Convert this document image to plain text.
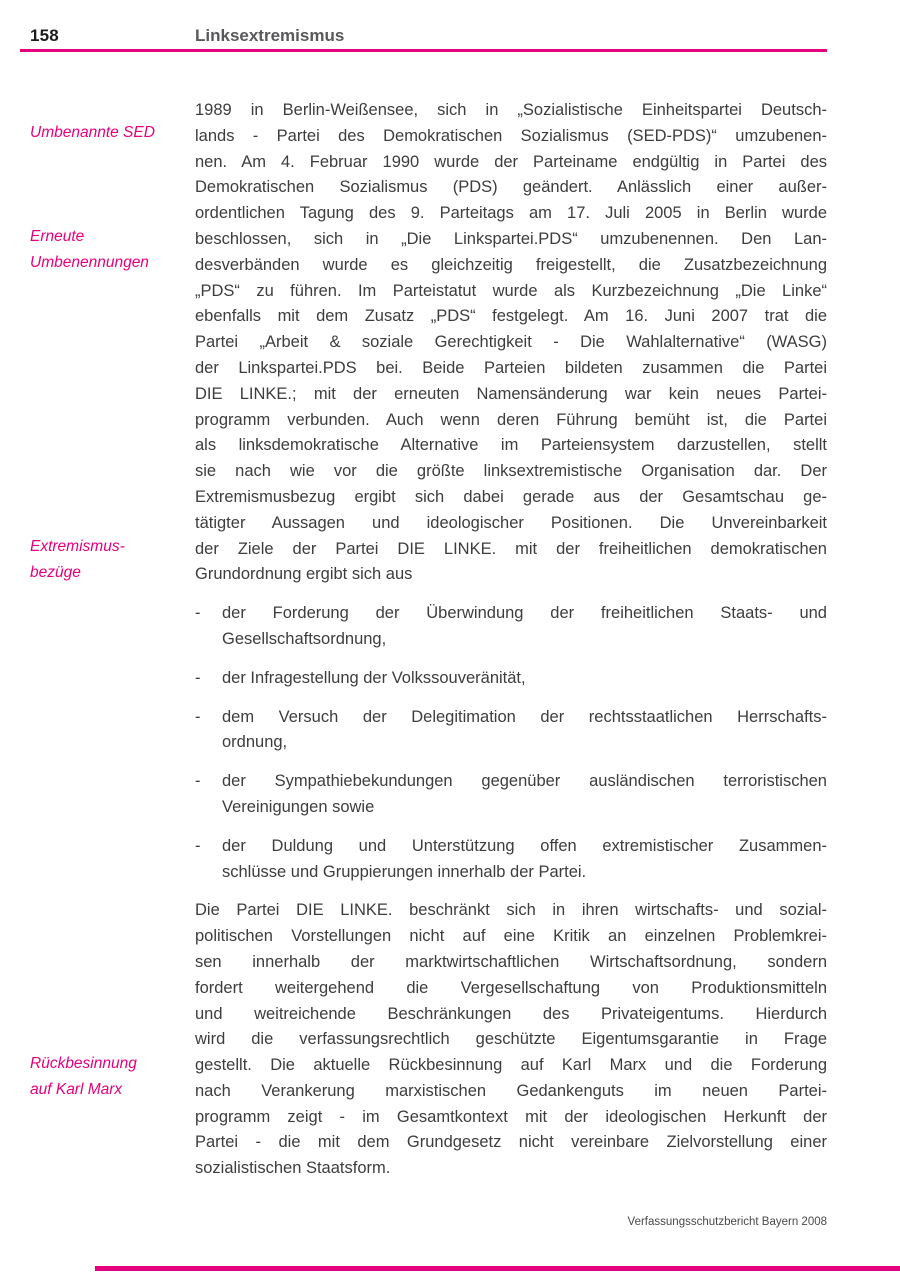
158	Linksextremismus
Umbenannte SED
Erneute
Umbenennungen
Extremismus-
bezüge
Rückbesinnung
auf Karl Marx
1989 in Berlin-Weißensee, sich in „Sozialistische Einheitspartei Deutsch-
lands - Partei des Demokratischen Sozialismus (SED-PDS)“ umzubenen-
nen. Am 4. Februar 1990 wurde der Parteiname endgültig in Partei des
Demokratischen Sozialismus (PDS) geändert. Anlässlich einer außer-
ordentlichen Tagung des 9. Parteitags am 17. Juli 2005 in Berlin wurde
beschlossen, sich in „Die Linkspartei.PDS“ umzubenennen. Den Lan-
desverbänden wurde es gleichzeitig freigestellt, die Zusatzbezeichnung
„PDS“ zu führen. Im Parteistatut wurde als Kurzbezeichnung „Die Linke“
ebenfalls mit dem Zusatz „PDS“ festgelegt. Am 16. Juni 2007 trat die
Partei „Arbeit & soziale Gerechtigkeit - Die Wahlalternative“ (WASG)
der Linkspartei.PDS bei. Beide Parteien bildeten zusammen die Partei
DIE LINKE.; mit der erneuten Namensänderung war kein neues Partei-
programm verbunden. Auch wenn deren Führung bemüht ist, die Partei
als linksdemokratische Alternative im Parteiensystem darzustellen, stellt
sie nach wie vor die größte linksextremistische Organisation dar. Der
Extremismusbezug ergibt sich dabei gerade aus der Gesamtschau ge-
tätigter Aussagen und ideologischer Positionen. Die Unvereinbarkeit
der Ziele der Partei DIE LINKE. mit der freiheitlichen demokratischen
Grundordnung ergibt sich aus
-	der Forderung der Überwindung der freiheitlichen Staats- und
Gesellschaftsordnung,
-	der Infragestellung der Volkssouveränität,
-	dem Versuch der Delegitimation der rechtsstaatlichen Herrschafts-
ordnung,
-	der Sympathiebekundungen gegenüber ausländischen terroristischen
Vereinigungen sowie
-	der Duldung und Unterstützung offen extremistischer Zusammen-
schlüsse und Gruppierungen innerhalb der Partei.
Die Partei DIE LINKE. beschränkt sich in ihren wirtschafts- und sozial-
politischen Vorstellungen nicht auf eine Kritik an einzelnen Problemkrei-
sen innerhalb der marktwirtschaftlichen Wirtschaftsordnung, sondern
fordert weitergehend die Vergesellschaftung von Produktionsmitteln
und weitreichende Beschränkungen des Privateigentums. Hierdurch
wird die verfassungsrechtlich geschützte Eigentumsgarantie in Frage
gestellt. Die aktuelle Rückbesinnung auf Karl Marx und die Forderung
nach Verankerung marxistischen Gedankenguts im neuen Partei-
programm zeigt - im Gesamtkontext mit der ideologischen Herkunft der
Partei - die mit dem Grundgesetz nicht vereinbare Zielvorstellung einer
sozialistischen Staatsform.
Verfassungsschutzbericht Bayern 2008
